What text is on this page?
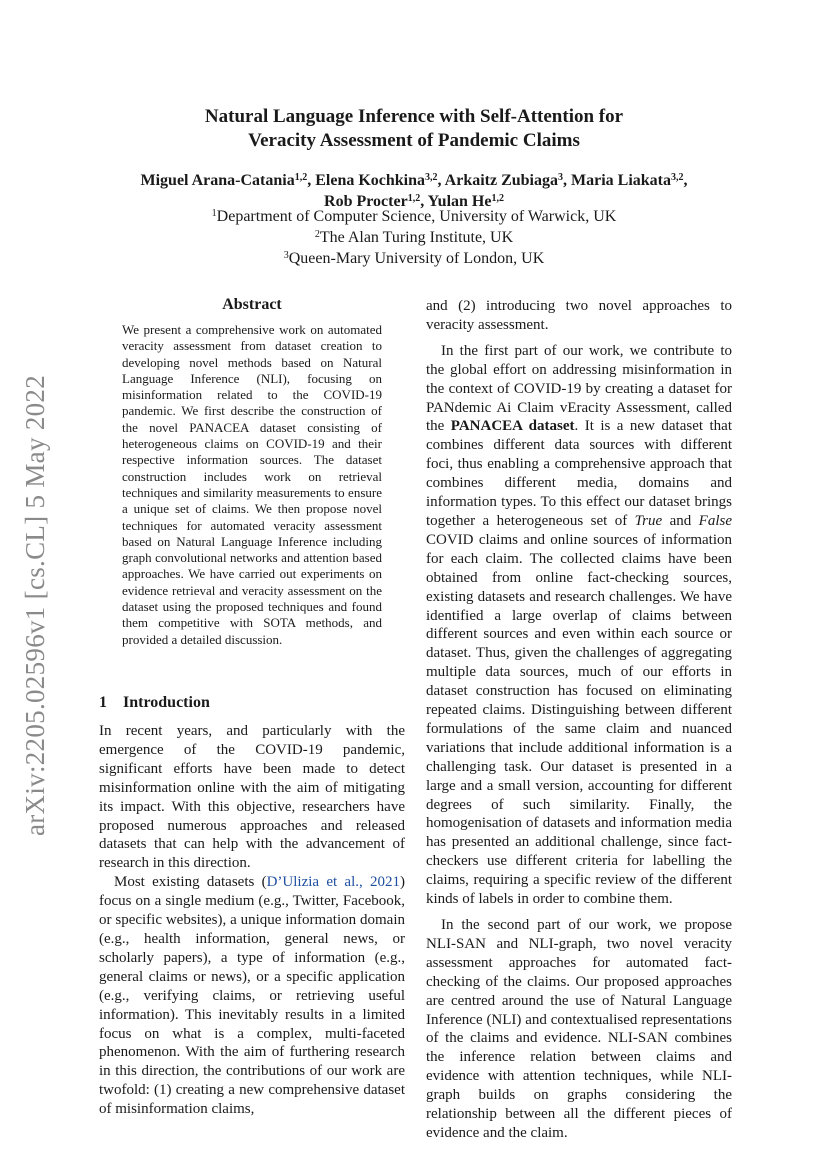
arXiv:2205.02596v1 [cs.CL] 5 May 2022
Natural Language Inference with Self-Attention for
Veracity Assessment of Pandemic Claims
Miguel Arana-Catania$^{1,2}$, Elena Kochkina$^{3,2}$, Arkaitz Zubiaga$^3$, Maria Liakata$^{3,2}$,
Rob Procter$^{1,2}$, Yulan He$^{1,2}$
$^1$Department of Computer Science, University of Warwick, UK
$^2$The Alan Turing Institute, UK
$^3$Queen-Mary University of London, UK
Abstract
We present a comprehensive work on automated veracity assessment from dataset creation to developing novel methods based on Natural Language Inference (NLI), focusing on misinformation related to the COVID-19 pandemic. We first describe the construction of the novel PANACEA dataset consisting of heterogeneous claims on COVID-19 and their respective information sources. The dataset construction includes work on retrieval techniques and similarity measurements to ensure a unique set of claims. We then propose novel techniques for automated veracity assessment based on Natural Language Inference including graph convolutional networks and attention based approaches. We have carried out experiments on evidence retrieval and veracity assessment on the dataset using the proposed techniques and found them competitive with SOTA methods, and provided a detailed discussion.
1 Introduction

In recent years, and particularly with the emergence of the COVID-19 pandemic, significant efforts have been made to detect misinformation online with the aim of mitigating its impact. With this objective, researchers have proposed numerous approaches and released datasets that can help with the advancement of research in this direction.

Most existing datasets (D’Ulizia et al., 2021) focus on a single medium (e.g., Twitter, Facebook, or specific websites), a unique information domain (e.g., health information, general news, or scholarly papers), a type of information (e.g., general claims or news), or a specific application (e.g., verifying claims, or retrieving useful information). This inevitably results in a limited focus on what is a complex, multi-faceted phenomenon. With the aim of furthering research in this direction, the contributions of our work are twofold: (1) creating a new comprehensive dataset of misinformation claims,

and (2) introducing two novel approaches to veracity assessment.

In the first part of our work, we contribute to the global effort on addressing misinformation in the context of COVID-19 by creating a dataset for PANdemic Ai Claim vEracity Assessment, called the PANACEA dataset. It is a new dataset that combines different data sources with different foci, thus enabling a comprehensive approach that combines different media, domains and information types. To this effect our dataset brings together a heterogeneous set of True and False COVID claims and online sources of information for each claim. The collected claims have been obtained from online fact-checking sources, existing datasets and research challenges. We have identified a large overlap of claims between different sources and even within each source or dataset. Thus, given the challenges of aggregating multiple data sources, much of our efforts in dataset construction has focused on eliminating repeated claims. Distinguishing between different formulations of the same claim and nuanced variations that include additional information is a challenging task. Our dataset is presented in a large and a small version, accounting for different degrees of such similarity. Finally, the homogenisation of datasets and information media has presented an additional challenge, since fact-checkers use different criteria for labelling the claims, requiring a specific review of the different kinds of labels in order to combine them.

In the second part of our work, we propose NLI-SAN and NLI-graph, two novel veracity assessment approaches for automated fact-checking of the claims. Our proposed approaches are centred around the use of Natural Language Inference (NLI) and contextualised representations of the claims and evidence. NLI-SAN combines the inference relation between claims and evidence with attention techniques, while NLI-graph builds on graphs considering the relationship between all the different pieces of evidence and the claim.
